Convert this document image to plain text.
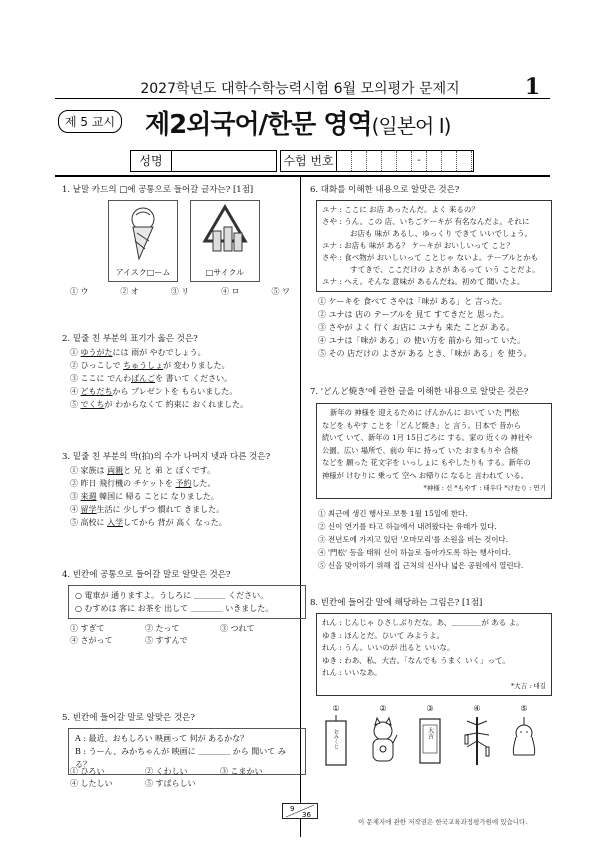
2027학년도 대학수학능력시험 6월 모의평가 문제지	1
제 5 교시 제2외국어/한문 영역(일본어 I)
성명	수험 번호	-
1. 낱말 카드의 □에 공통으로 들어갈 글자는? [1점]
アイスク□ーム	□サイクル
① ウ	② オ	③ リ	④ ロ	⑤ ワ
2. 밑줄 친 부분의 표기가 옳은 것은?
① ゆうがたには 雨が やむでしょう。
② ひっこしで ちゅうしょが 変わりました。
③ ここに でんわばんごを 書いて ください。
④ どもだちから プレゼントを もらいました。
⑤ でくちが わからなくて 約束に おくれました。
3. 밑줄 친 부분의 박(拍)의 수가 나머지 넷과 다른 것은?
① 家族は 両親と 兄 と 弟 と ぼくです。
② 昨日 飛行機の チケットを 予約した。
③ 来週 韓国に 帰る ことに なりました。
④ 留学生活に 少しずつ 慣れて きました。
⑤ 高校に 入学してから 背が 高く なった。
4. 빈칸에 공통으로 들어갈 말로 알맞은 것은?
○ 電車が 通りますよ。うしろに ＿＿＿＿ ください。
○ むすめは 客に お茶を 出して ＿＿＿＿ いきました。
① すぎて	② たって	③ つれて
④ さがって	⑤ すすんで
5. 빈칸에 들어갈 말로 알맞은 것은?
A : 最近、おもしろい 映画って 何が あるかな？
B : うーん、みかちゃんが 映画に ＿＿＿＿ から 聞いて みる？
① ひろい	② くわしい	③ こまかい
④ したしい	⑤ すばらしい
6. 대화를 이해한 내용으로 알맞은 것은?
ユナ : ここに お店 あったんだ。よく 来るの？
さや : うん。この 店、いちごケーキが 有名なんだよ。それに
お店も 味が あるし、ゆっくり できて いいでしょう。
ユナ : お店も 味が ある？ ケーキが おいしいって こと？
さや : 食べ物が おいしいって ことじゃ ないよ。テーブルとかも
すてきで、ここだけの よさが あるって いう ことだよ。
ユナ : へえ。そんな 意味が あるんだね。初めて 聞いたよ。
① ケーキを 食べて さやは「味が ある」と 言った。
② ユナは 店の テーブルを 見て すてきだと 思った。
③ さやが よく 行く お店に ユナも 来た ことが ある。
④ ユナは「味が ある」の 使い方を 前から 知って いた。
⑤ その 店だけの よさが ある とき、「味が ある」を 使う。
7. 'どんど焼き'에 관한 글을 이해한 내용으로 알맞은 것은?
新年の 神様を 迎えるために げんかんに おいて いた 門松
などを もやす ことを「どんど焼き」と 言う。日本で 昔から
続いて いて、新年の 1月 15日ごろに する。家の 近くの 神社や
公園、広い 場所で、前の 年に 持って いた おまもりや 合格
などを 願った 花文字を いっしょに もやしたりも する。新年の
神様が けむりに 乗って 空へ お帰りに なると 言われて いる。
*神様 : 신 *もやす : 태우다 *けむり : 연기
① 최근에 생긴 행사로 보통 1월 15일에 한다.
② 신이 연기를 타고 하늘에서 내려왔다는 유래가 있다.
③ 전년도에 가지고 있던 '오마모리'를 소원을 비는 것이다.
④ '門松' 등을 태워 신이 하늘로 돌아가도록 하는 행사이다.
⑤ 신을 맞이하기 위해 집 근처의 신사나 넓은 공원에서 열린다.
8. 빈칸에 들어갈 말에 해당하는 그림은? [1점]
れん : じんじゃ ひさしぶりだな。あ、＿＿＿＿が ある よ。
ゆき : ほんとだ。ひいて みようよ。
れん : うん。いいのが 出ると いいな。
ゆき : わあ、私、大吉。「なんでも うまく いく」って。
れん : いいなあ。
*大吉 : 대길
①
おみくじ
②	③
大吉
④	⑤
9
36
이 문제지에 관한 저작권은 한국교육과정평가원에 있습니다.
